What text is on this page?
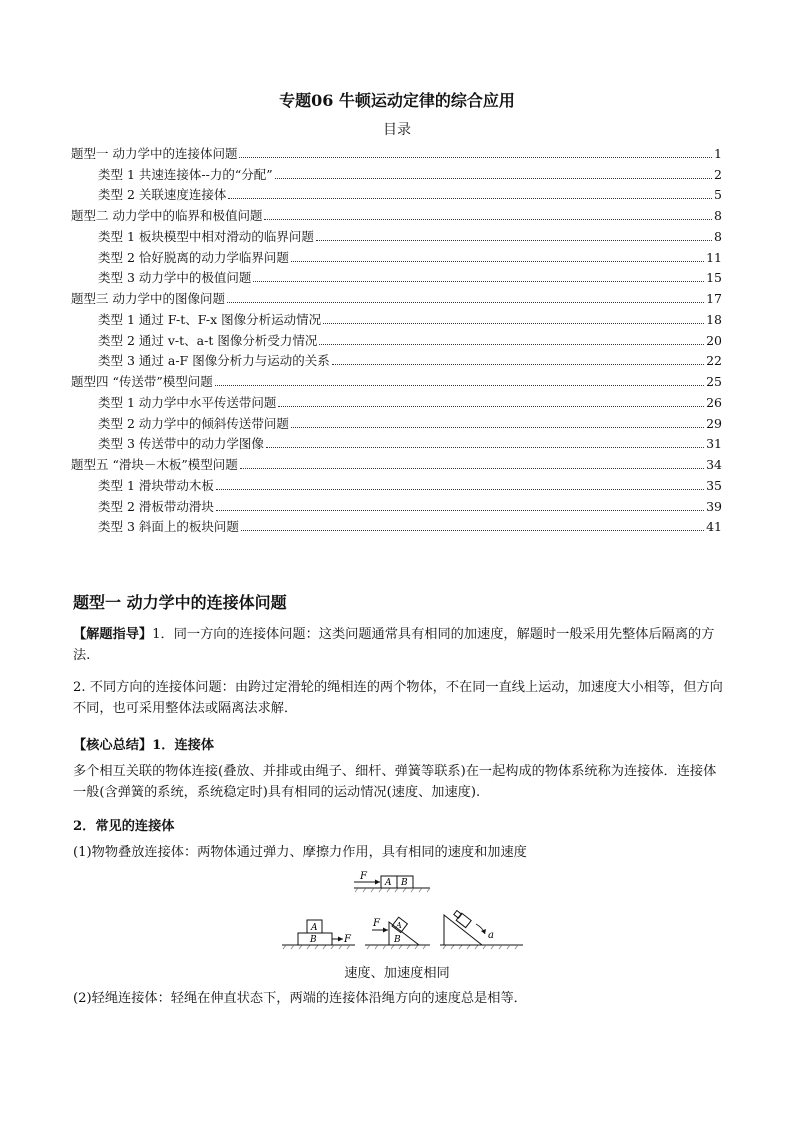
专题06 牛顿运动定律的综合应用
目录
题型一 动力学中的连接体问题	1
类型 1 共速连接体--力的“分配”	2
类型 2 关联速度连接体	5
题型二 动力学中的临界和极值问题	8
类型 1 板块模型中相对滑动的临界问题	8
类型 2 恰好脱离的动力学临界问题	11
类型 3 动力学中的极值问题	15
题型三 动力学中的图像问题	17
类型 1 通过 F-t、F-x 图像分析运动情况	18
类型 2 通过 v-t、a-t 图像分析受力情况	20
类型 3 通过 a-F 图像分析力与运动的关系	22
题型四 “传送带”模型问题	25
类型 1 动力学中水平传送带问题	26
类型 2 动力学中的倾斜传送带问题	29
类型 3 传送带中的动力学图像	31
题型五 “滑块－木板”模型问题	34
类型 1 滑块带动木板	35
类型 2 滑板带动滑块	39
类型 3 斜面上的板块问题	41
题型一 动力学中的连接体问题
【解题指导】1．同一方向的连接体问题：这类问题通常具有相同的加速度，解题时一般采用先整体后隔离的方法.
2. 不同方向的连接体问题：由跨过定滑轮的绳相连的两个物体，不在同一直线上运动，加速度大小相等，但方向不同，也可采用整体法或隔离法求解．
【核心总结】1．连接体
多个相互关联的物体连接(叠放、并排或由绳子、细杆、弹簧等联系)在一起构成的物体系统称为连接体．连接体一般(含弹簧的系统，系统稳定时)具有相同的运动情况(速度、加速度).
2．常见的连接体
(1)物物叠放连接体：两物体通过弹力、摩擦力作用，具有相同的速度和加速度
F
A B
A
B	F
A
B
F
a
速度、加速度相同
(2)轻绳连接体：轻绳在伸直状态下，两端的连接体沿绳方向的速度总是相等．
